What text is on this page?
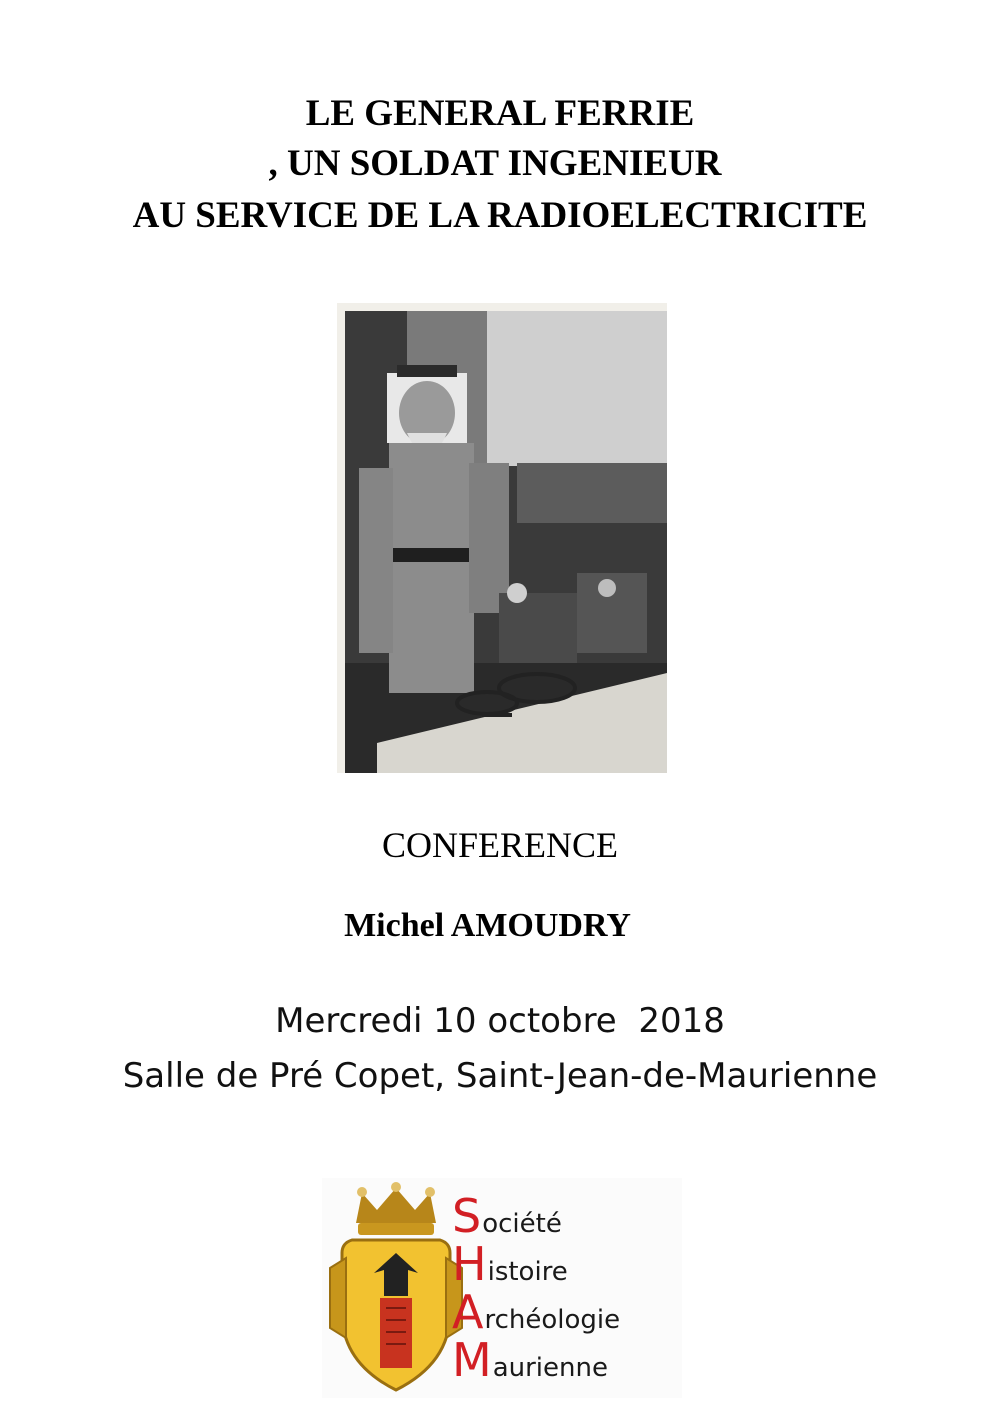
LE GENERAL FERRIE
, UN SOLDAT INGENIEUR
AU SERVICE DE LA RADIOELECTRICITE
CONFERENCE
Michel AMOUDRY
Mercredi 10 octobre  2018
Salle de Pré Copet, Saint-Jean-de-Maurienne
Société
Histoire
Archéologie
Maurienne
